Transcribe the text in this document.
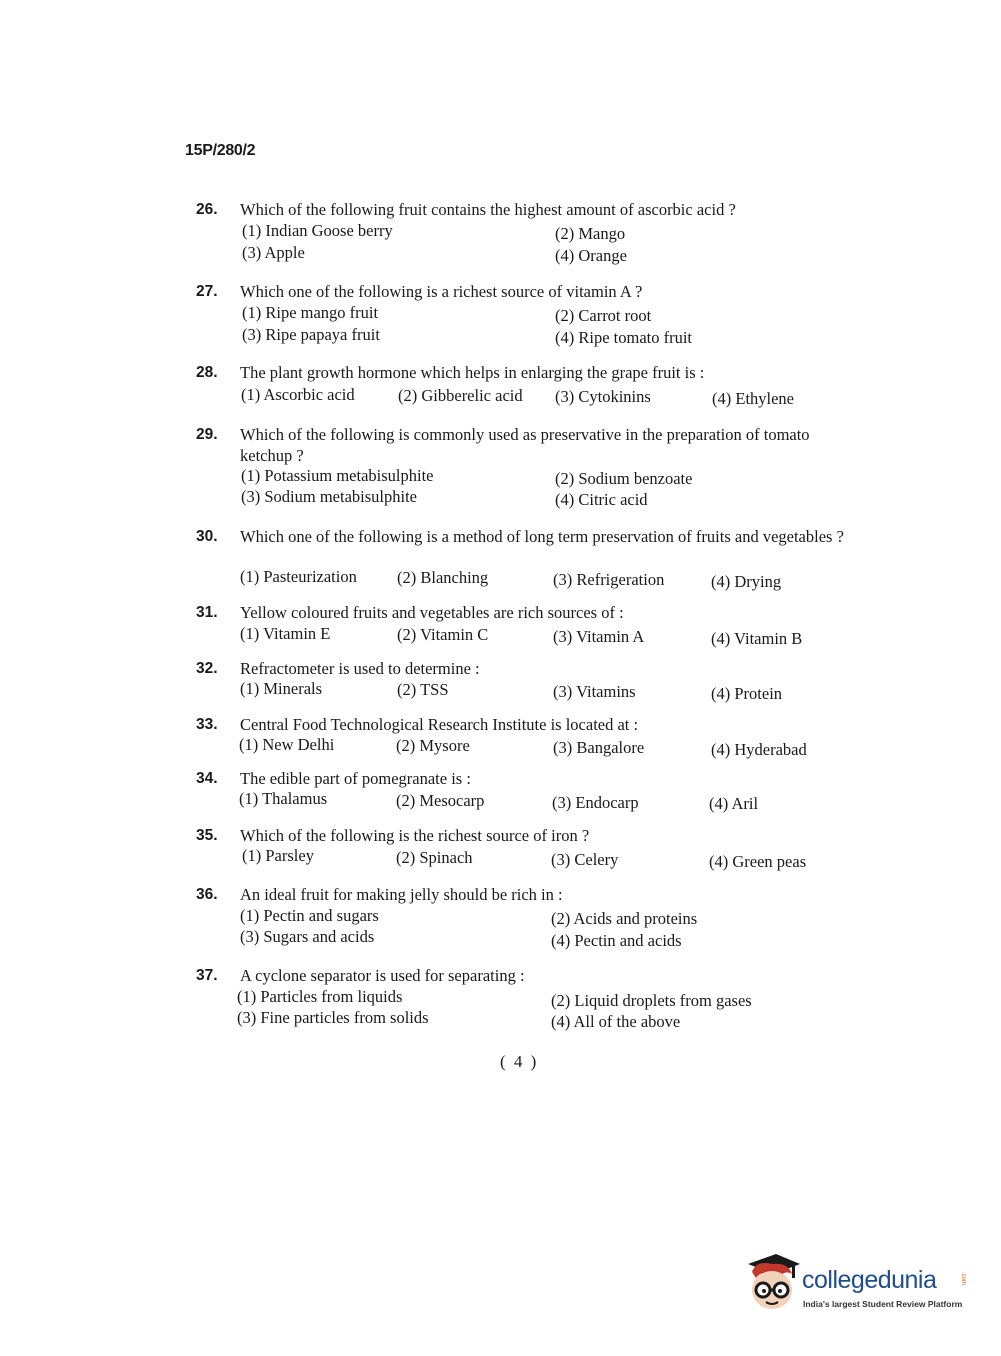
15P/280/2
26. Which of the following fruit contains the highest amount of ascorbic acid ?
(1) Indian Goose berry	(2) Mango
(3) Apple	(4) Orange
27. Which one of the following is a richest source of vitamin A ?
(1) Ripe mango fruit	(2) Carrot root
(3) Ripe papaya fruit	(4) Ripe tomato fruit
28. The plant growth hormone which helps in enlarging the grape fruit is :
(1) Ascorbic acid	(2) Gibberelic acid (3) Cytokinins	(4) Ethylene
29. Which of the following is commonly used as preservative in the preparation of tomato ketchup ?
(1) Potassium metabisulphite	(2) Sodium benzoate
(3) Sodium metabisulphite	(4) Citric acid
30. Which one of the following is a method of long term preservation of fruits and vegetables ?
(1) Pasteurization (2) Blanching	(3) Refrigeration	(4) Drying
31. Yellow coloured fruits and vegetables are rich sources of :
(1) Vitamin E	(2) Vitamin C	(3) Vitamin A	(4) Vitamin B
32. Refractometer is used to determine :
(1) Minerals	(2) TSS	(3) Vitamins	(4) Protein
33. Central Food Technological Research Institute is located at :
(1) New Delhi	(2) Mysore	(3) Bangalore	(4) Hyderabad
34. The edible part of pomegranate is :
(1) Thalamus	(2) Mesocarp	(3) Endocarp	(4) Aril
35. Which of the following is the richest source of iron ?
(1) Parsley	(2) Spinach	(3) Celery	(4) Green peas
36. An ideal fruit for making jelly should be rich in :
(1) Pectin and sugars	(2) Acids and proteins
(3) Sugars and acids	(4) Pectin and acids
37. A cyclone separator is used for separating :
(1) Particles from liquids	(2) Liquid droplets from gases
(3) Fine particles from solids	(4) All of the above
( 4 )
collegedunia	.com
India's largest Student Review Platform
